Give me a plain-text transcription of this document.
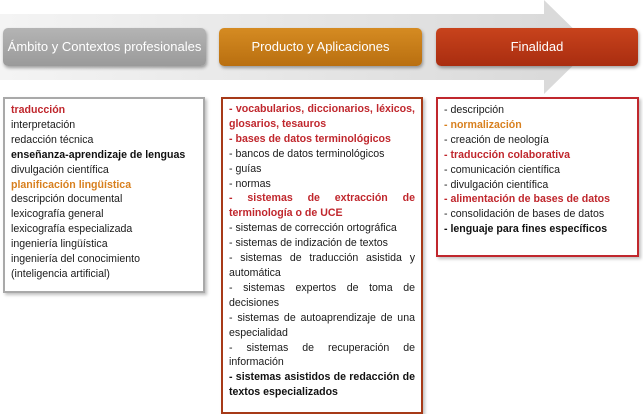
Ámbito y Contextos profesionales	Producto y Aplicaciones	Finalidad
traducción
interpretación
redacción técnica
enseñanza-aprendizaje de lenguas
divulgación científica
planificación lingüística
descripción documental
lexicografía general
lexicografía especializada
ingeniería lingüística
ingeniería del conocimiento
(inteligencia artificial)
- vocabularios, diccionarios, léxicos, glosarios, tesauros
- bases de datos terminológicos
- bancos de datos terminológicos
- guías
- normas
- sistemas de extracción de terminología o de UCE
- sistemas de corrección ortográfica
- sistemas de indización de textos
- sistemas de traducción asistida y automática
- sistemas expertos de toma de decisiones
- sistemas de autoaprendizaje de una especialidad
- sistemas de recuperación de información
- sistemas asistidos de redacción de textos especializados
- descripción
- normalización
- creación de neología
- traducción colaborativa
- comunicación científica
- divulgación científica
- alimentación de bases de datos
- consolidación de bases de datos
- lenguaje para fines específicos
